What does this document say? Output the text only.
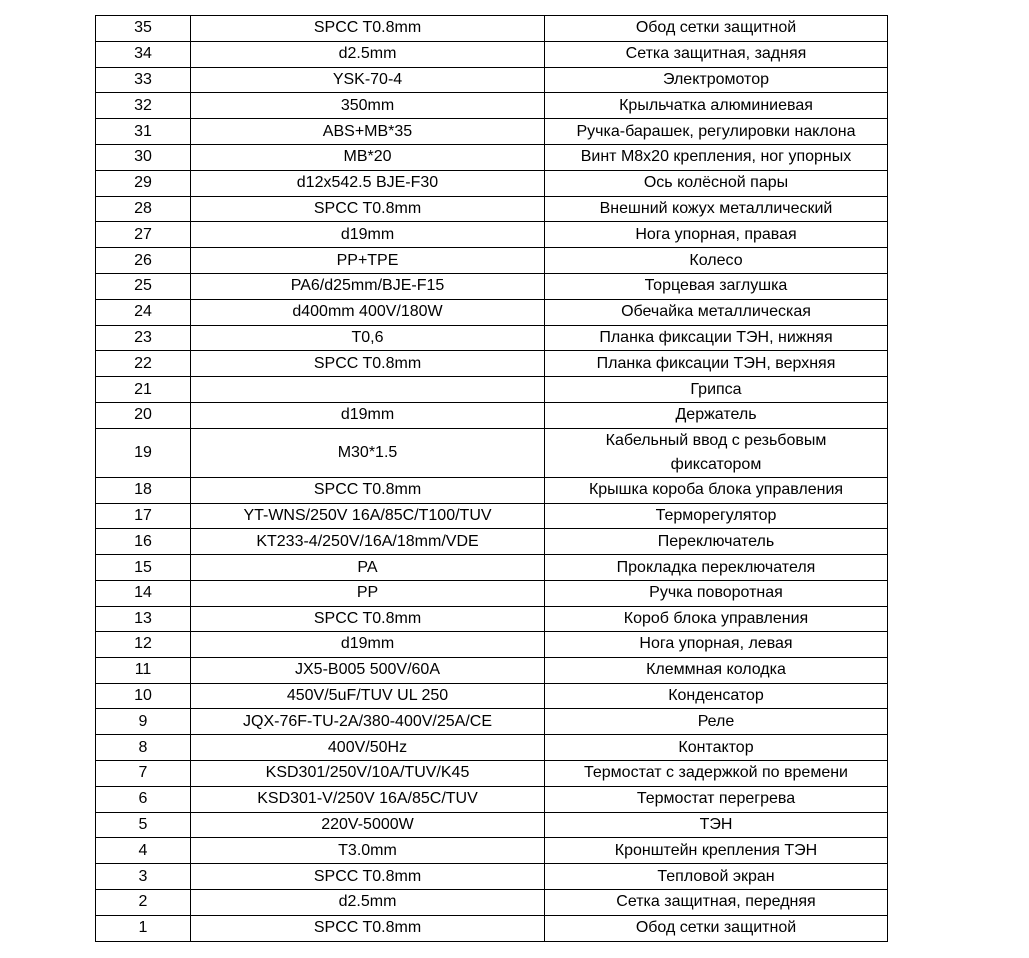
35	SPCC T0.8mm	Обод сетки защитной
34	d2.5mm	Сетка защитная, задняя
33	YSK-70-4	Электромотор
32	350mm	Крыльчатка алюминиевая
31	ABS+MB*35	Ручка-барашек, регулировки наклона
30	MB*20	Винт M8x20 крепления, ног упорных
29	d12x542.5 BJE-F30	Ось колёсной пары
28	SPCC T0.8mm	Внешний кожух металлический
27	d19mm	Нога упорная, правая
26	PP+TPE	Колесо
25	PA6/d25mm/BJE-F15	Торцевая заглушка
24	d400mm 400V/180W	Обечайка металлическая
23	T0,6	Планка фиксации ТЭН, нижняя
22	SPCC T0.8mm	Планка фиксации ТЭН, верхняя
21		Грипса
20	d19mm	Держатель
19	M30*1.5	Кабельный ввод с резьбовым фиксатором
18	SPCC T0.8mm	Крышка короба блока управления
17	YT-WNS/250V 16A/85C/T100/TUV	Терморегулятор
16	KT233-4/250V/16A/18mm/VDE	Переключатель
15	PA	Прокладка переключателя
14	PP	Ручка поворотная
13	SPCC T0.8mm	Короб блока управления
12	d19mm	Нога упорная, левая
11	JX5-B005 500V/60A	Клеммная колодка
10	450V/5uF/TUV UL 250	Конденсатор
9	JQX-76F-TU-2A/380-400V/25A/CE	Реле
8	400V/50Hz	Контактор
7	KSD301/250V/10A/TUV/K45	Термостат с задержкой по времени
6	KSD301-V/250V 16A/85C/TUV	Термостат перегрева
5	220V-5000W	ТЭН
4	T3.0mm	Кронштейн крепления ТЭН
3	SPCC T0.8mm	Тепловой экран
2	d2.5mm	Сетка защитная, передняя
1	SPCC T0.8mm	Обод сетки защитной
